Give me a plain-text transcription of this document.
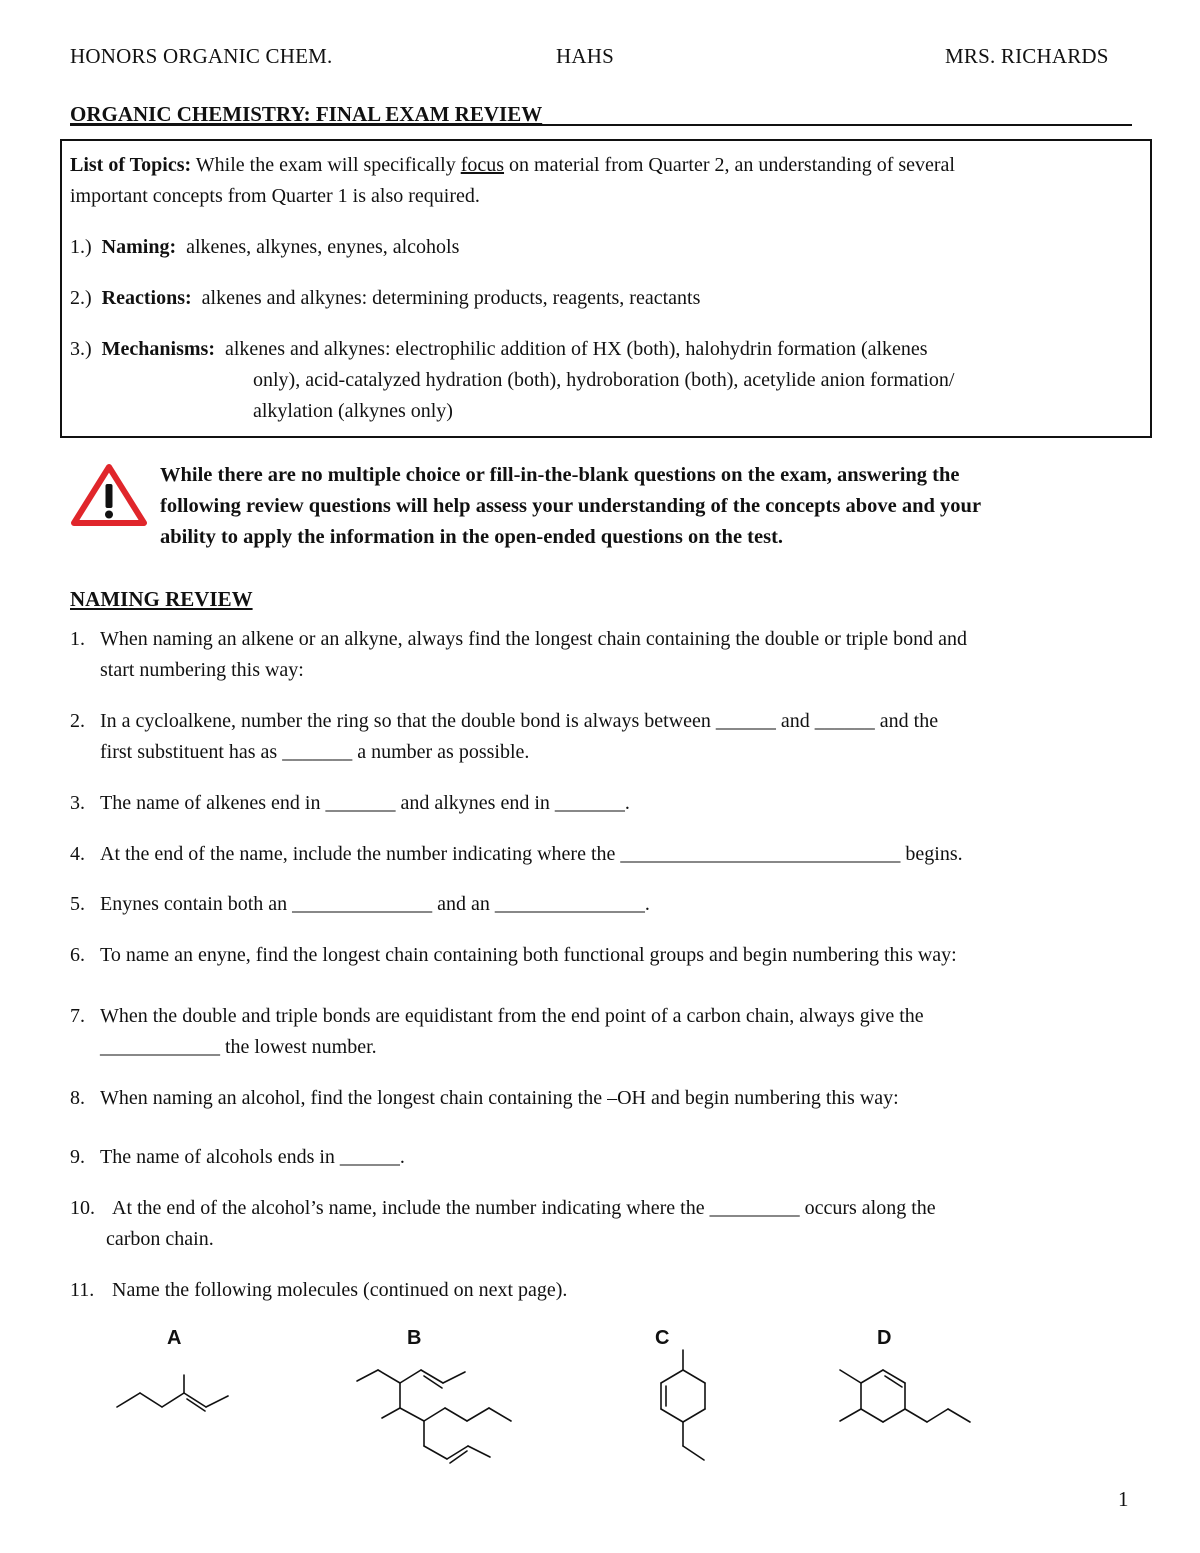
HONORS ORGANIC CHEM.	HAHS	MRS. RICHARDS
ORGANIC CHEMISTRY: FINAL EXAM REVIEW
List of Topics: While the exam will specifically focus on material from Quarter 2, an understanding of several
important concepts from Quarter 1 is also required.
1.) Naming: alkenes, alkynes, enynes, alcohols
2.) Reactions: alkenes and alkynes: determining products, reagents, reactants
3.) Mechanisms: alkenes and alkynes: electrophilic addition of HX (both), halohydrin formation (alkenes
only), acid-catalyzed hydration (both), hydroboration (both), acetylide anion formation/
alkylation (alkynes only)
While there are no multiple choice or fill-in-the-blank questions on the exam, answering the
following review questions will help assess your understanding of the concepts above and your
ability to apply the information in the open-ended questions on the test.
NAMING REVIEW
1. When naming an alkene or an alkyne, always find the longest chain containing the double or triple bond and
start numbering this way:
2. In a cycloalkene, number the ring so that the double bond is always between ______ and ______ and the
first substituent has as _______ a number as possible.
3. The name of alkenes end in _______ and alkynes end in _______.
4. At the end of the name, include the number indicating where the ____________________________ begins.
5. Enynes contain both an ______________ and an _______________.
6. To name an enyne, find the longest chain containing both functional groups and begin numbering this way:
7. When the double and triple bonds are equidistant from the end point of a carbon chain, always give the
____________ the lowest number.
8. When naming an alcohol, find the longest chain containing the –OH and begin numbering this way:
9. The name of alcohols ends in ______.
10. At the end of the alcohol’s name, include the number indicating where the _________ occurs along the
carbon chain.
11. Name the following molecules (continued on next page).
A	B	C	D
1
